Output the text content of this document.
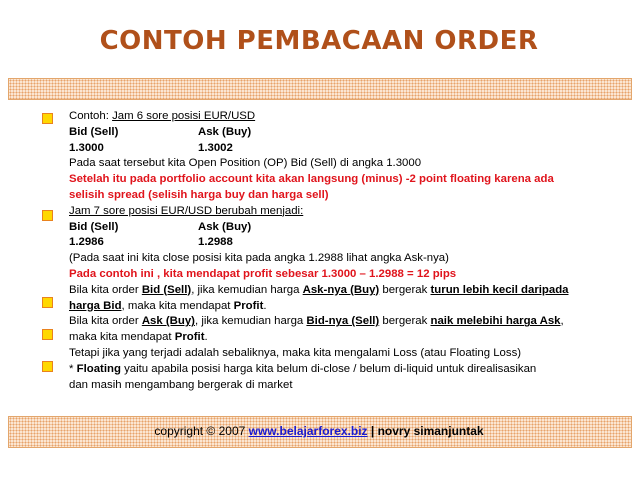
CONTOH PEMBACAAN ORDER
Contoh: Jam 6 sore posisi EUR/USD
Bid (Sell)	Ask (Buy)
1.3000	1.3002
Pada saat tersebut kita Open Position (OP) Bid (Sell) di angka 1.3000
Setelah itu pada portfolio account kita akan langsung (minus) -2 point floating karena ada
selisih spread (selisih harga buy dan harga sell)
Jam 7 sore posisi EUR/USD berubah menjadi:
Bid (Sell)	Ask (Buy)
1.2986	1.2988
(Pada saat ini kita close posisi kita pada angka 1.2988 lihat angka Ask-nya)
Pada contoh ini , kita mendapat profit sebesar 1.3000 – 1.2988 = 12 pips
Bila kita order Bid (Sell), jika kemudian harga Ask-nya (Buy) bergerak turun lebih kecil daripada
harga Bid, maka kita mendapat Profit.
Bila kita order Ask (Buy), jika kemudian harga Bid-nya (Sell) bergerak naik melebihi harga Ask,
maka kita mendapat Profit.
Tetapi jika yang terjadi adalah sebaliknya, maka kita mengalami Loss (atau Floating Loss)
* Floating yaitu apabila posisi harga kita belum di-close / belum di-liquid untuk direalisasikan
dan masih mengambang bergerak di market
copyright © 2007 www.belajarforex.biz | novry simanjuntak
